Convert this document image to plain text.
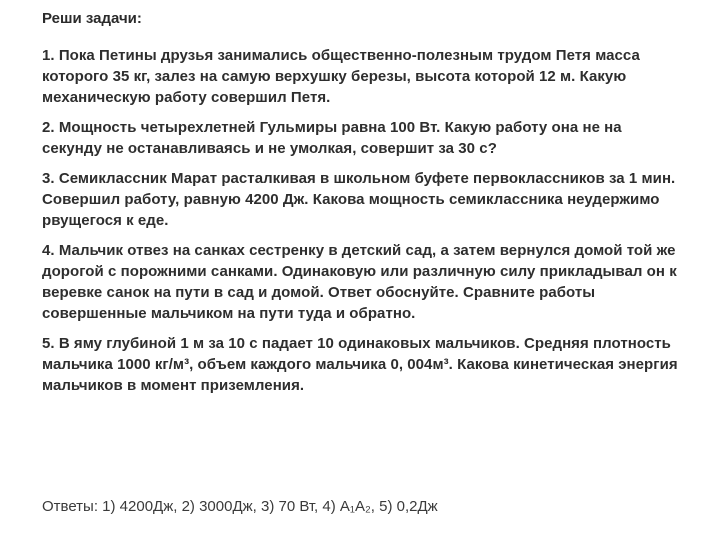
Реши задачи:
1. Пока Петины друзья занимались общественно-полезным трудом Петя масса
которого 35 кг, залез на самую верхушку березы, высота которой 12 м. Какую
механическую работу совершил Петя.
2. Мощность четырехлетней Гульмиры равна 100 Вт. Какую работу она не на
секунду не останавливаясь и не умолкая, совершит за 30 с?
3. Семиклассник Марат расталкивая в школьном буфете первоклассников за 1 мин.
Совершил работу, равную 4200 Дж. Какова мощность семиклассника неудержимо
рвущегося к еде.
4. Мальчик отвез на санках сестренку в детский сад, а затем вернулся домой той же
дорогой с порожними санками. Одинаковую или различную силу прикладывал он к
веревке санок на пути в сад и домой. Ответ обоснуйте. Сравните работы
совершенные мальчиком на пути туда и обратно.
5. В яму глубиной 1 м за 10 с падает 10 одинаковых мальчиков. Средняя плотность
мальчика 1000 кг/м³, объем каждого мальчика 0, 004м³. Какова кинетическая энергия
мальчиков в момент приземления.
Ответы: 1) 4200Дж, 2) 3000Дж, 3) 70 Вт, 4) A₁A₂, 5) 0,2Дж
